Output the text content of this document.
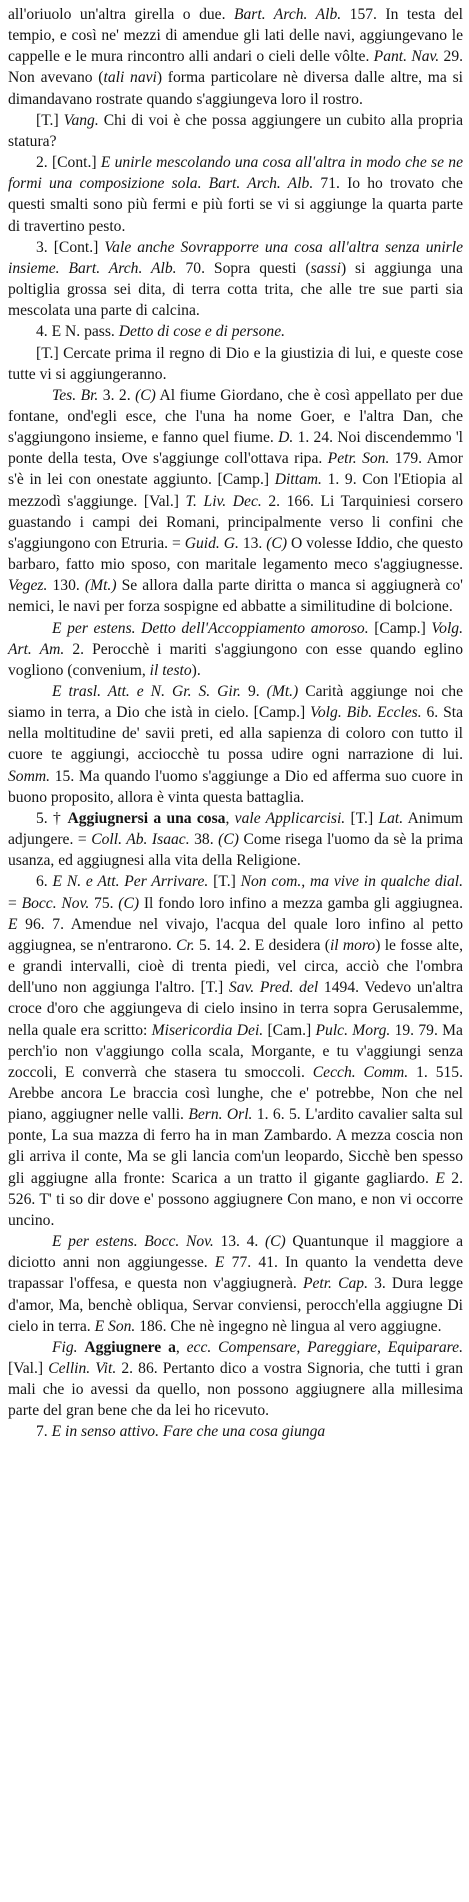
all'oriuolo un'altra girella o due. Bart. Arch. Alb. 157. In testa del tempio, e così ne' mezzi di amendue gli lati delle navi, aggiungevano le cappelle e le mura rincontro alli andari o cieli delle vôlte. Pant. Nav. 29. Non avevano (tali navi) forma particolare nè diversa dalle altre, ma si dimandavano rostrate quando s'aggiungeva loro il rostro.

[T.] Vang. Chi di voi è che possa aggiungere un cubito alla propria statura?

2. [Cont.] E unirle mescolando una cosa all'altra in modo che se ne formi una composizione sola. Bart. Arch. Alb. 71. Io ho trovato che questi smalti sono più fermi e più forti se vi si aggiunge la quarta parte di travertino pesto.

3. [Cont.] Vale anche Sovrapporre una cosa all'altra senza unirle insieme. Bart. Arch. Alb. 70. Sopra questi (sassi) si aggiunga una poltiglia grossa sei dita, di terra cotta trita, che alle tre sue parti sia mescolata una parte di calcina.

4. E N. pass. Detto di cose e di persone.

[T.] Cercate prima il regno di Dio e la giustizia di lui, e queste cose tutte vi si aggiungeranno.

Tes. Br. 3. 2. (C) Al fiume Giordano, che è così appellato per due fontane, ond'egli esce, che l'una ha nome Goer, e l'altra Dan, che s'aggiungono insieme, e fanno quel fiume. D. 1. 24. Noi discendemmo 'l ponte della testa, Ove s'aggiunge coll'ottava ripa. Petr. Son. 179. Amor s'è in lei con onestate aggiunto. [Camp.] Dittam. 1. 9. Con l'Etiopia al mezzodì s'aggiunge. [Val.] T. Liv. Dec. 2. 166. Li Tarquiniesi corsero guastando i campi dei Romani, principalmente verso li confini che s'aggiungono con Etruria. = Guid. G. 13. (C) O volesse Iddio, che questo barbaro, fatto mio sposo, con maritale legamento meco s'aggiugnesse. Vegez. 130. (Mt.) Se allora dalla parte diritta o manca si aggiugnerà co' nemici, le navi per forza sospigne ed abbatte a similitudine di bolcione.

E per estens. Detto dell'Accoppiamento amoroso. [Camp.] Volg. Art. Am. 2. Perocchè i mariti s'aggiungono con esse quando eglino vogliono (convenium, il testo).

E trasl. Att. e N. Gr. S. Gir. 9. (Mt.) Carità aggiunge noi che siamo in terra, a Dio che istà in cielo. [Camp.] Volg. Bib. Eccles. 6. Sta nella moltitudine de' savii preti, ed alla sapienza di coloro con tutto il cuore te aggiungi, acciocchè tu possa udire ogni narrazione di lui. Somm. 15. Ma quando l'uomo s'aggiunge a Dio ed afferma suo cuore in buono proposito, allora è vinta questa battaglia.

5. † Aggiugnersi a una cosa, vale Applicarcisi. [T.] Lat. Animum adjungere. = Coll. Ab. Isaac. 38. (C) Come risega l'uomo da sè la prima usanza, ed aggiugnesi alla vita della Religione.

6. E N. e Att. Per Arrivare. [T.] Non com., ma vive in qualche dial. = Bocc. Nov. 75. (C) Il fondo loro infino a mezza gamba gli aggiugnea. E 96. 7. Amendue nel vivajo, l'acqua del quale loro infino al petto aggiugnea, se n'entrarono. Cr. 5. 14. 2. E desidera (il moro) le fosse alte, e grandi intervalli, cioè di trenta piedi, vel circa, acciò che l'ombra dell'uno non aggiunga l'altro. [T.] Sav. Pred. del 1494. Vedevo un'altra croce d'oro che aggiungeva di cielo insino in terra sopra Gerusalemme, nella quale era scritto: Misericordia Dei. [Cam.] Pulc. Morg. 19. 79. Ma perch'io non v'aggiungo colla scala, Morgante, e tu v'aggiungi senza zoccoli, E converrà che stasera tu smoccoli. Cecch. Comm. 1. 515. Arebbe ancora Le braccia così lunghe, che e' potrebbe, Non che nel piano, aggiugner nelle valli. Bern. Orl. 1. 6. 5. L'ardito cavalier salta sul ponte, La sua mazza di ferro ha in man Zambardo. A mezza coscia non gli arriva il conte, Ma se gli lancia com'un leopardo, Sicchè ben spesso gli aggiugne alla fronte: Scarica a un tratto il gigante gagliardo. E 2. 526. T' ti so dir dove e' possono aggiugnere Con mano, e non vi occorre uncino.

E per estens. Bocc. Nov. 13. 4. (C) Quantunque il maggiore a diciotto anni non aggiungesse. E 77. 41. In quanto la vendetta deve trapassar l'offesa, e questa non v'aggiugnerà. Petr. Cap. 3. Dura legge d'amor, Ma, benchè obliqua, Servar conviensi, perocch'ella aggiugne Di cielo in terra. E Son. 186. Che nè ingegno nè lingua al vero aggiugne.

Fig. Aggiugnere a, ecc. Compensare, Pareggiare, Equiparare. [Val.] Cellin. Vit. 2. 86. Pertanto dico a vostra Signoria, che tutti i gran mali che io avessi da quello, non possono aggiugnere alla millesima parte del gran bene che da lei ho ricevuto.

7. E in senso attivo. Fare che una cosa giunga
